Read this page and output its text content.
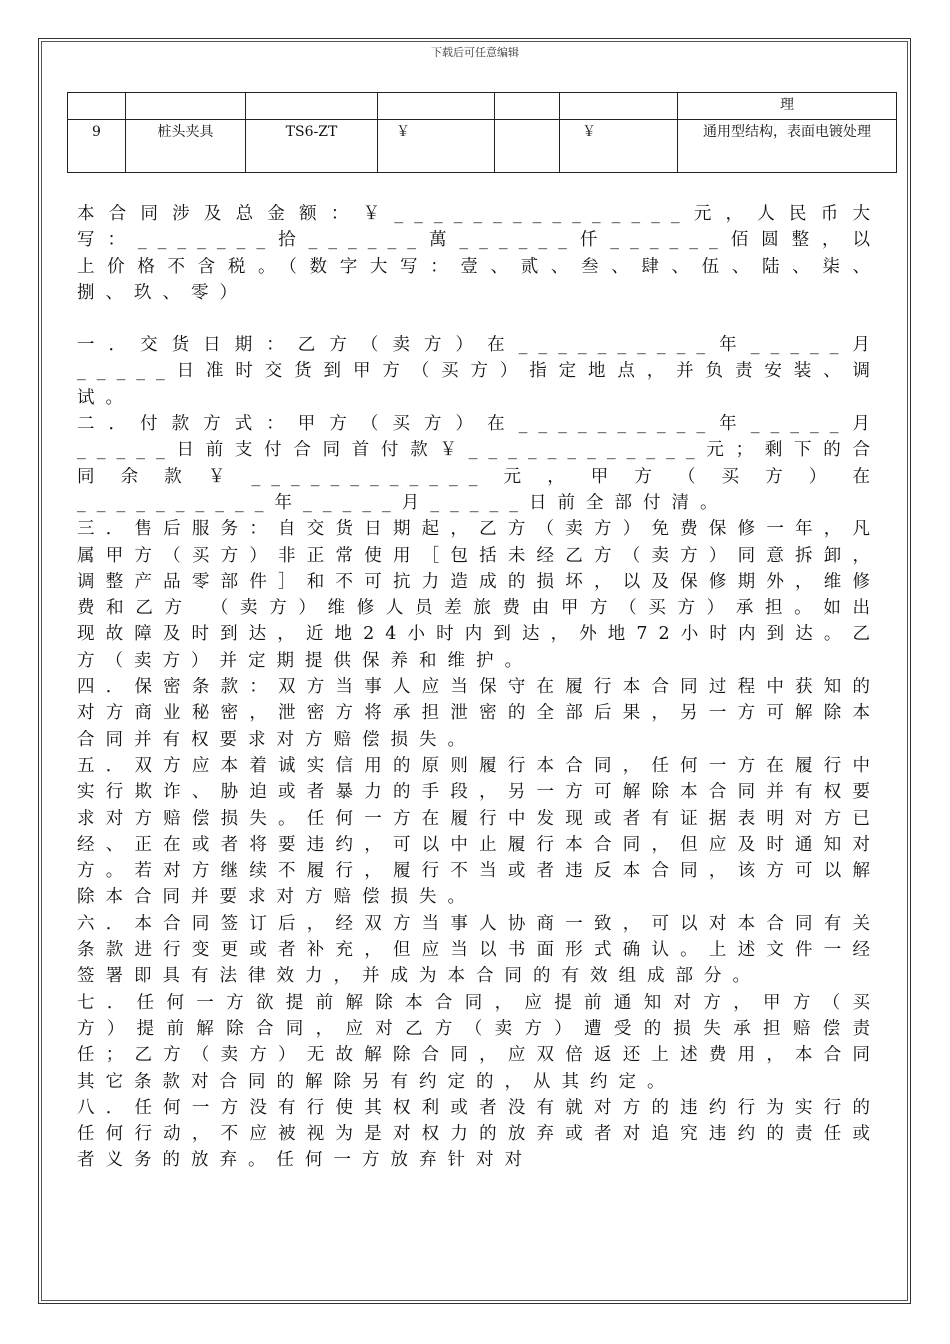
下载后可任意编辑
						理
9	桩头夹具	TS6-ZT	￥		￥	通用型结构，表面电镀处理
本合同涉及总金额：￥_______________元，人民币大写：_______拾______萬______仟______佰圆整，以上价格不含税。（数字大写：壹、贰、叁、肆、伍、陆、柒、捌、玖、零）
一．交货日期：乙方（卖方）在__________年_____月_____日准时交货到甲方（买方）指定地点，并负责安装、调试。
二．付款方式：甲方（买方）在__________年_____月_____日前支付合同首付款￥____________元；剩下的合同余款￥____________元，甲方（买方）在__________年_____月_____日前全部付清。
三．售后服务：自交货日期起，乙方（卖方）免费保修一年，凡属甲方（买方）非正常使用［包括未经乙方（卖方）同意拆卸，调整产品零部件］和不可抗力造成的损坏，以及保修期外，维修费和乙方 （卖方）维修人员差旅费由甲方（买方）承担。如出现故障及时到达，近地24小时内到达，外地72小时内到达。乙方（卖方）并定期提供保养和维护。
四．保密条款：双方当事人应当保守在履行本合同过程中获知的对方商业秘密，泄密方将承担泄密的全部后果，另一方可解除本合同并有权要求对方赔偿损失。
五．双方应本着诚实信用的原则履行本合同，任何一方在履行中实行欺诈、胁迫或者暴力的手段，另一方可解除本合同并有权要求对方赔偿损失。任何一方在履行中发现或者有证据表明对方已经、正在或者将要违约，可以中止履行本合同，但应及时通知对方。若对方继续不履行，履行不当或者违反本合同，该方可以解除本合同并要求对方赔偿损失。
六．本合同签订后，经双方当事人协商一致，可以对本合同有关条款进行变更或者补充，但应当以书面形式确认。上述文件一经签署即具有法律效力，并成为本合同的有效组成部分。
七．任何一方欲提前解除本合同，应提前通知对方，甲方（买方）提前解除合同，应对乙方（卖方）遭受的损失承担赔偿责任；乙方（卖方）无故解除合同，应双倍返还上述费用，本合同其它条款对合同的解除另有约定的，从其约定。
八．任何一方没有行使其权利或者没有就对方的违约行为实行的任何行动，不应被视为是对权力的放弃或者对追究违约的责任或者义务的放弃。任何一方放弃针对对
